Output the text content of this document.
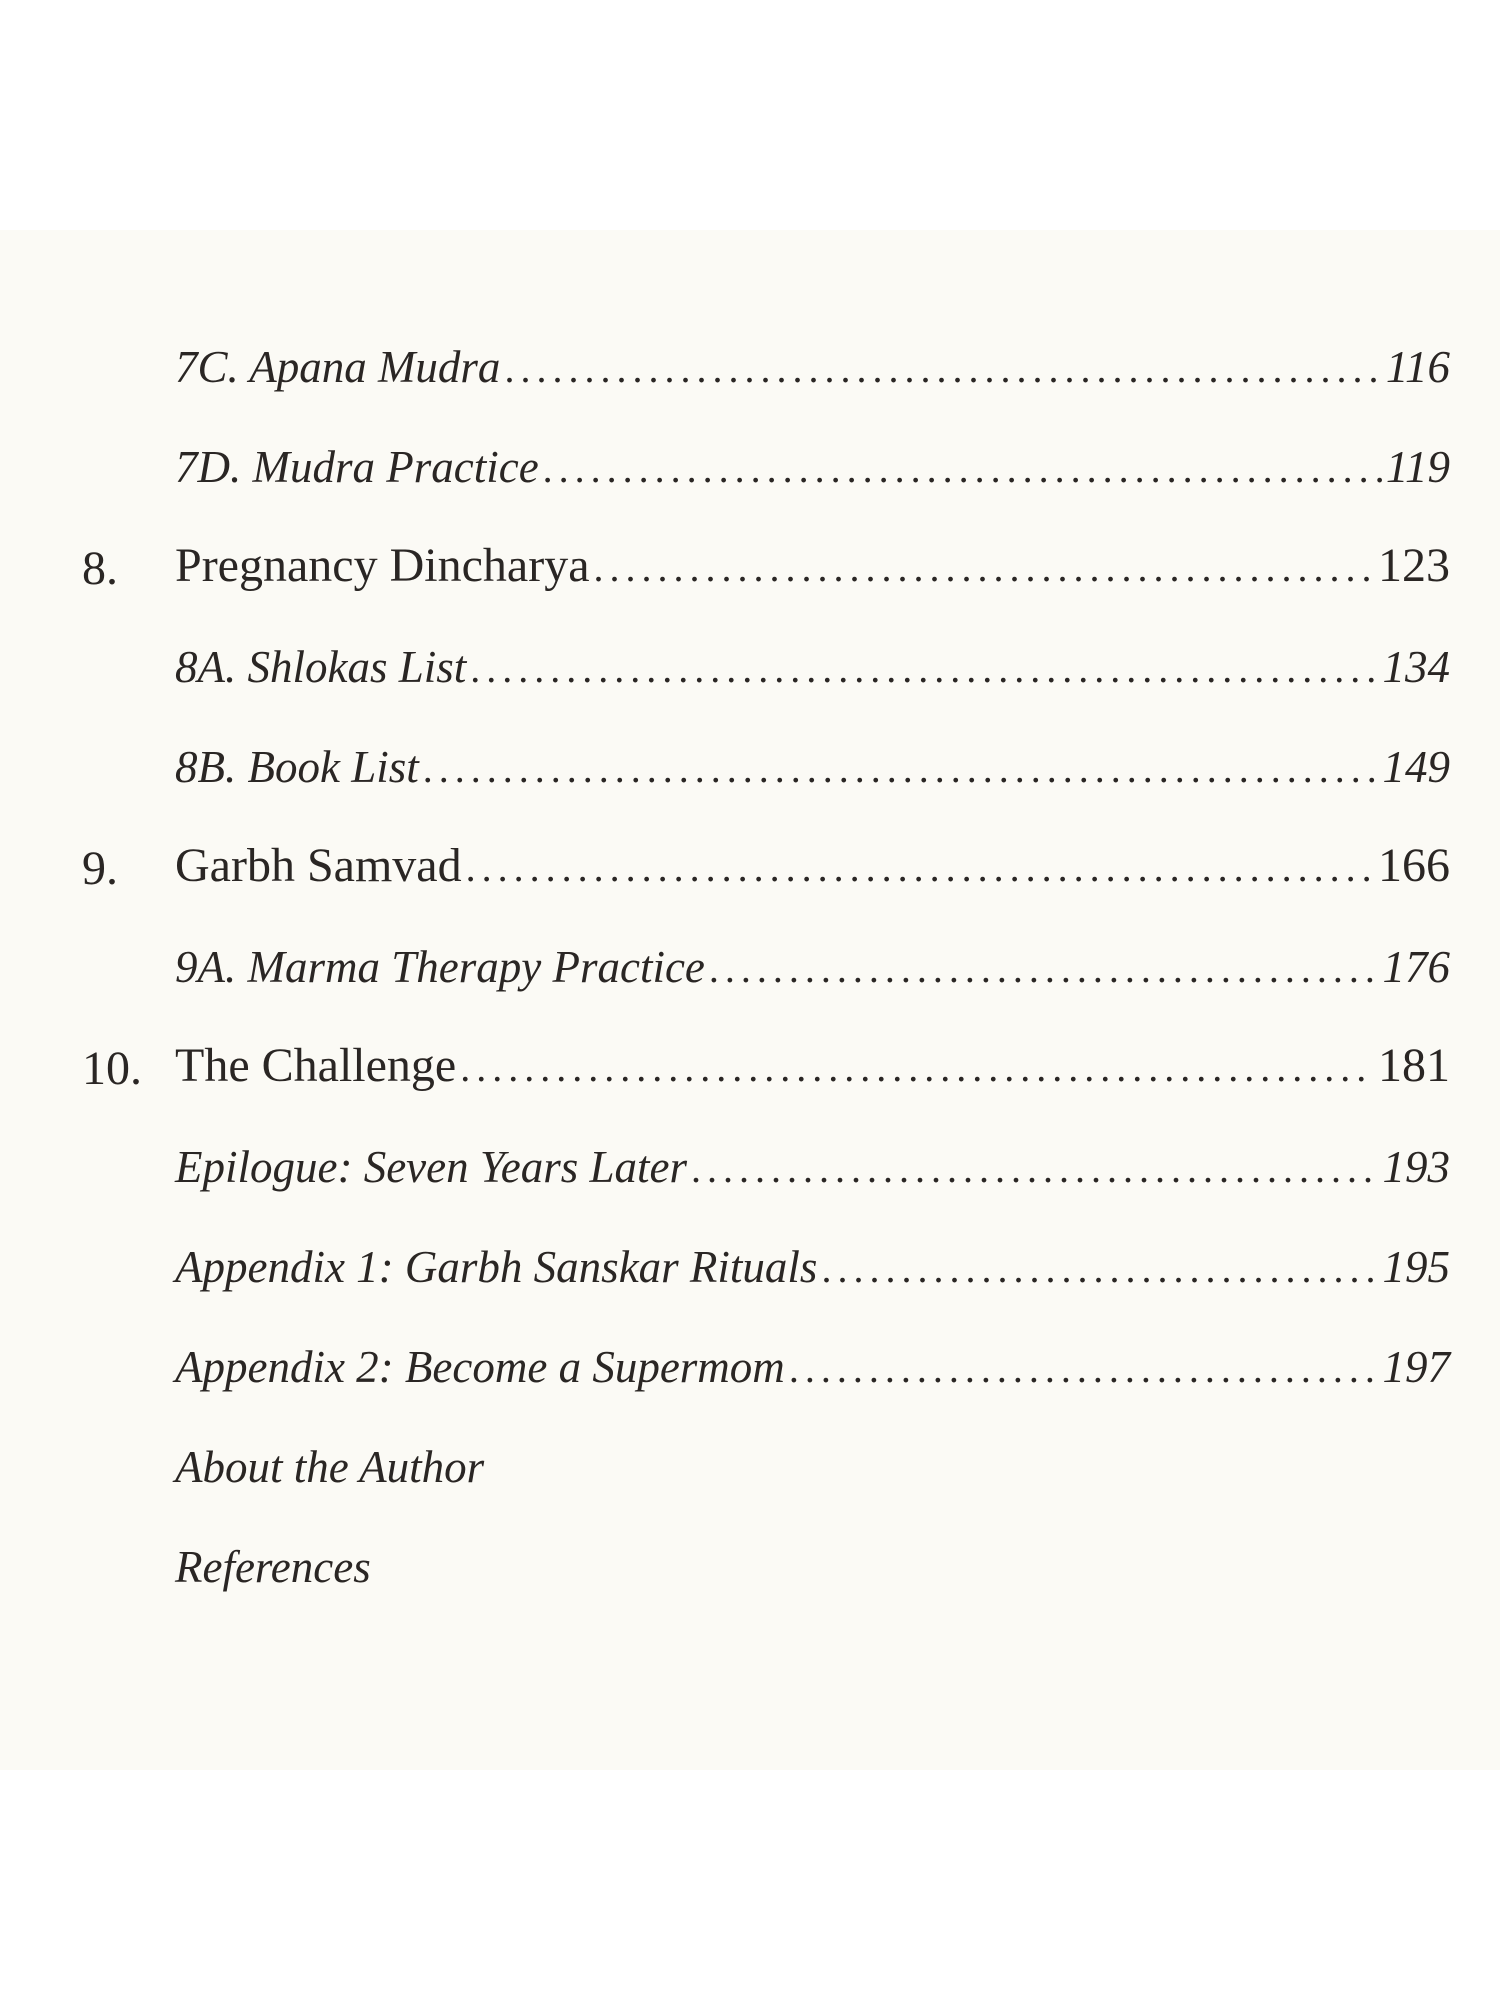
7C. Apana Mudra .....	116
7D. Mudra Practice .....	119
8.	Pregnancy Dincharya .....	123
8A. Shlokas List .....	134
8B. Book List .....	149
9.	Garbh Samvad .....	166
9A. Marma Therapy Practice .....	176
10. The Challenge .....	181
Epilogue: Seven Years Later .....	193
Appendix 1: Garbh Sanskar Rituals .....	195
Appendix 2: Become a Supermom .....	197
About the Author
References
